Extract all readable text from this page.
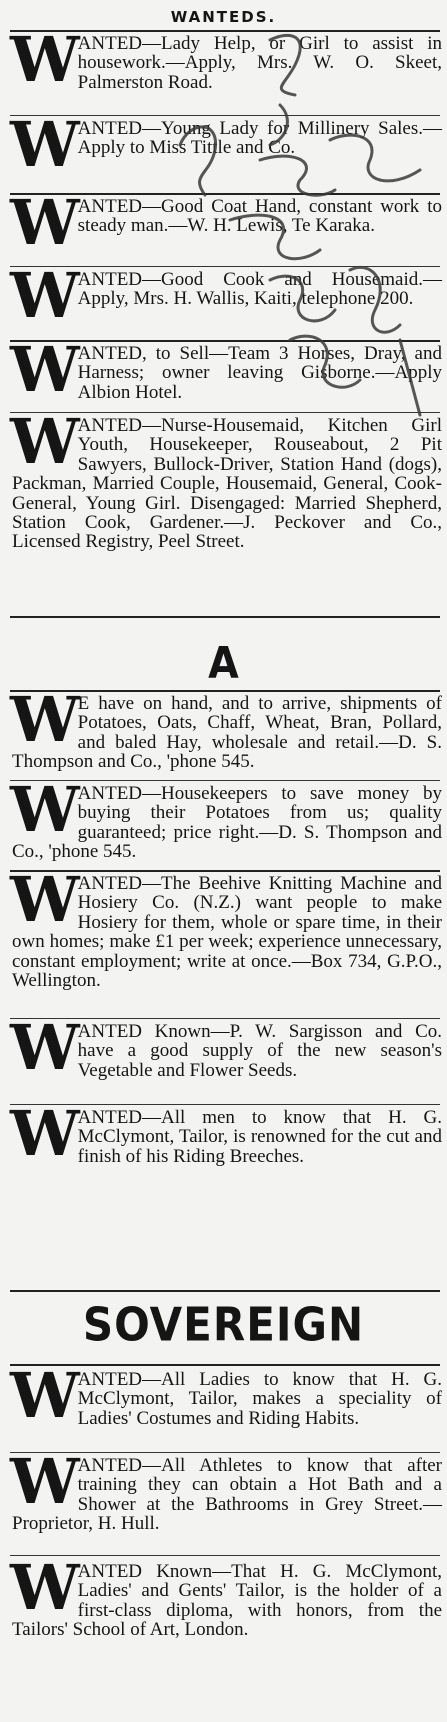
WANTEDS.

WANTED—Lady Help, or Girl to assist in housework.—Apply, Mrs. W. O. Skeet, Palmerston Road.

WANTED—Young Lady for Millinery Sales.—Apply to Miss Tittle and Co.

WANTED—Good Coat Hand, constant work to steady man.—W. H. Lewis, Te Karaka.

WANTED—Good Cook and Housemaid.—Apply, Mrs. H. Wallis, Kaiti, telephone 200.

WANTED, to Sell—Team 3 Horses, Dray, and Harness; owner leaving Gisborne.—Apply Albion Hotel.

WANTED—Nurse-Housemaid, Kitchen Girl Youth, Housekeeper, Rouseabout, 2 Pit Sawyers, Bullock-Driver, Station Hand (dogs), Packman, Married Couple, Housemaid, General, Cook-General, Young Girl. Disengaged: Married Shepherd, Station Cook, Gardener.—J. Peckover and Co., Licensed Registry, Peel Street.

A

W E have on hand, and to arrive, shipments of Potatoes, Oats, Chaff, Wheat, Bran, Pollard, and baled Hay, wholesale and retail.—D. S. Thompson and Co., 'phone 545.

WANTED—Housekeepers to save money by buying their Potatoes from us; quality guaranteed; price right.—D. S. Thompson and Co., 'phone 545.

WANTED—The Beehive Knitting Machine and Hosiery Co. (N.Z.) want people to make Hosiery for them, whole or spare time, in their own homes; make £1 per week; experience unnecessary, constant employment; write at once.—Box 734, G.P.O., Wellington.

WANTED Known—P. W. Sargisson and Co. have a good supply of the new season's Vegetable and Flower Seeds.

WANTED—All men to know that H. G. McClymont, Tailor, is renowned for the cut and finish of his Riding Breeches.

SOVEREIGN

WANTED—All Ladies to know that H. G. McClymont, Tailor, makes a speciality of Ladies' Costumes and Riding Habits.

WANTED—All Athletes to know that after training they can obtain a Hot Bath and a Shower at the Bathrooms in Grey Street.—Proprietor, H. Hull.

WANTED Known—That H. G. McClymont, Ladies' and Gents' Tailor, is the holder of a first-class diploma, with honors, from the Tailors' School of Art, London.
